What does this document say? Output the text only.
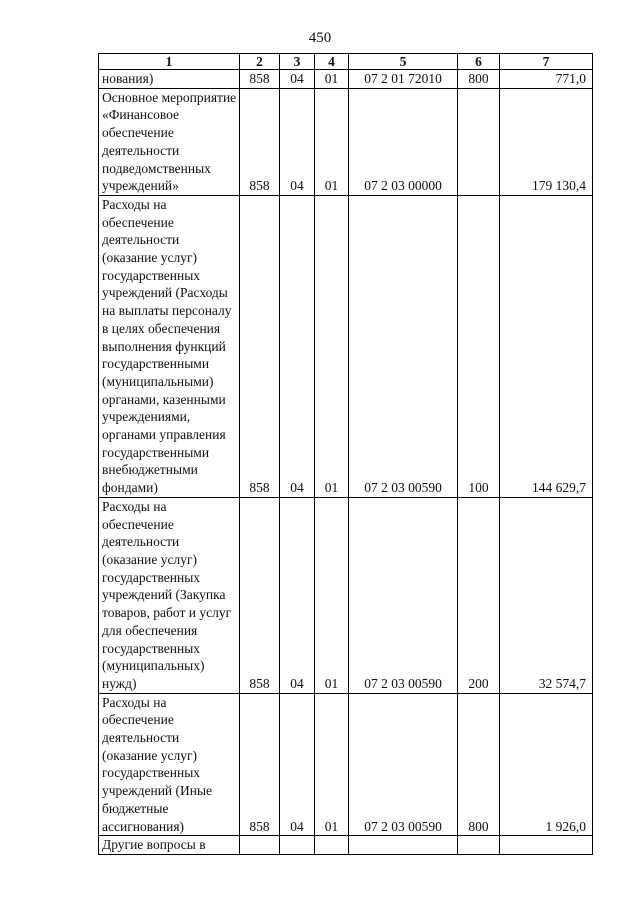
450
1	2	3	4	5	6	7
нования)	858	04	01	07 2 01 72010	800	771,0
Основное мероприятие «Финансовое обеспечение деятельности подведомственных учреждений»	858	04	01	07 2 03 00000		179 130,4
Расходы на обеспечение деятельности (оказание услуг) государственных учреждений (Расходы на выплаты персоналу в целях обеспечения выполнения функций государственными (муниципальными) органами, казенными учреждениями, органами управления государственными внебюджетными фондами)	858	04	01	07 2 03 00590	100	144 629,7
Расходы на обеспечение деятельности (оказание услуг) государственных учреждений (Закупка товаров, работ и услуг для обеспечения государственных (муниципальных) нужд)	858	04	01	07 2 03 00590	200	32 574,7
Расходы на обеспечение деятельности (оказание услуг) государственных учреждений (Иные бюджетные ассигнования)	858	04	01	07 2 03 00590	800	1 926,0
Другие вопросы в						
